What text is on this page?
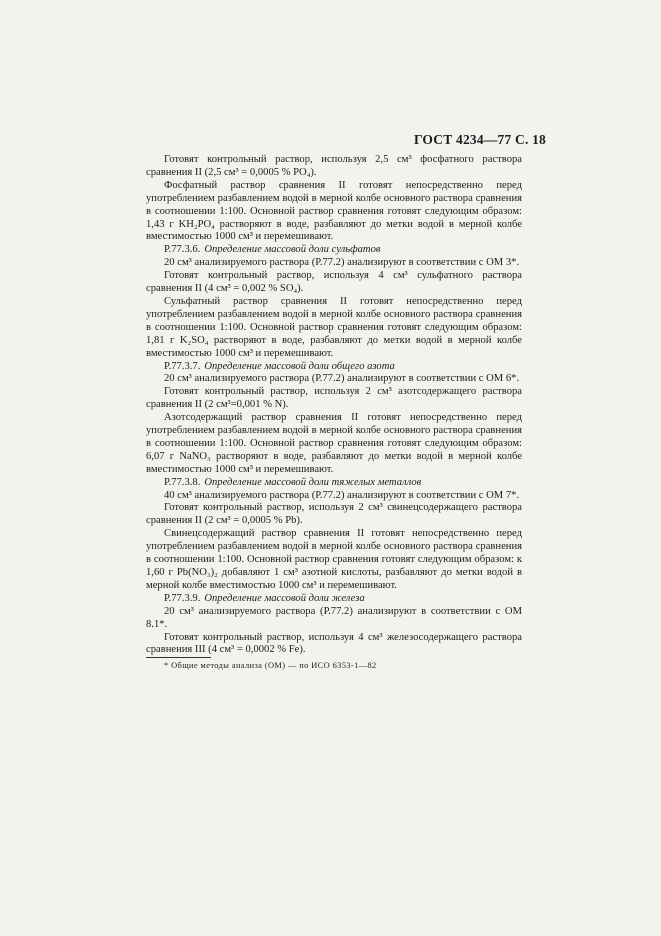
ГОСТ 4234—77 С. 18

Готовят контрольный раствор, используя 2,5 см³ фосфатного раствора сравнения II (2,5 см³ = 0,0005 % PO₄).

Фосфатный раствор сравнения II готовят непосредственно перед употреблением разбавлением водой в мерной колбе основного раствора сравнения в соотношении 1:100. Основной раствор сравнения готовят следующим образом: 1,43 г KH₂PO₄ растворяют в воде, разбавляют до метки водой в мерной колбе вместимостью 1000 см³ и перемешивают.

Р.77.3.6. Определение массовой доли сульфатов

20 см³ анализируемого раствора (Р.77.2) анализируют в соответствии с ОМ 3*.

Готовят контрольный раствор, используя 4 см³ сульфатного раствора сравнения II (4 см³ = 0,002 % SO₄).

Сульфатный раствор сравнения II готовят непосредственно перед употреблением разбавлением водой в мерной колбе основного раствора сравнения в соотношении 1:100. Основной раствор сравнения готовят следующим образом: 1,81 г K₂SO₄ растворяют в воде, разбавляют до метки водой в мерной колбе вместимостью 1000 см³ и перемешивают.

Р.77.3.7. Определение массовой доли общего азота

20 см³ анализируемого раствора (Р.77.2) анализируют в соответствии с ОМ 6*.

Готовят контрольный раствор, используя 2 см³ азотсодержащего раствора сравнения II (2 см³=0,001 % N).

Азотсодержащий раствор сравнения II готовят непосредственно перед употреблением разбавлением водой в мерной колбе основного раствора сравнения в соотношении 1:100. Основной раствор сравнения готовят следующим образом: 6,07 г NaNO₃ растворяют в воде, разбавляют до метки водой в мерной колбе вместимостью 1000 см³ и перемешивают.

Р.77.3.8. Определение массовой доли тяжелых металлов

40 см³ анализируемого раствора (Р.77.2) анализируют в соответствии с ОМ 7*.

Готовят контрольный раствор, используя 2 см³ свинецсодержащего раствора сравнения II (2 см³ = 0,0005 % Pb).

Свинецсодержащий раствор сравнения II готовят непосредственно перед употреблением разбавлением водой в мерной колбе основного раствора сравнения в соотношении 1:100. Основной раствор сравнения готовят следующим образом: к 1,60 г Pb(NO₃)₂ добавляют 1 см³ азотной кислоты, разбавляют до метки водой в мерной колбе вместимостью 1000 см³ и перемешивают.

Р.77.3.9. Определение массовой доли железа

20 см³ анализируемого раствора (Р.77.2) анализируют в соответствии с ОМ 8.1*.

Готовят контрольный раствор, используя 4 см³ железосодержащего раствора сравнения III (4 см³ = 0,0002 % Fe).

* Общие методы анализа (ОМ) — по ИСО 6353-1—82
